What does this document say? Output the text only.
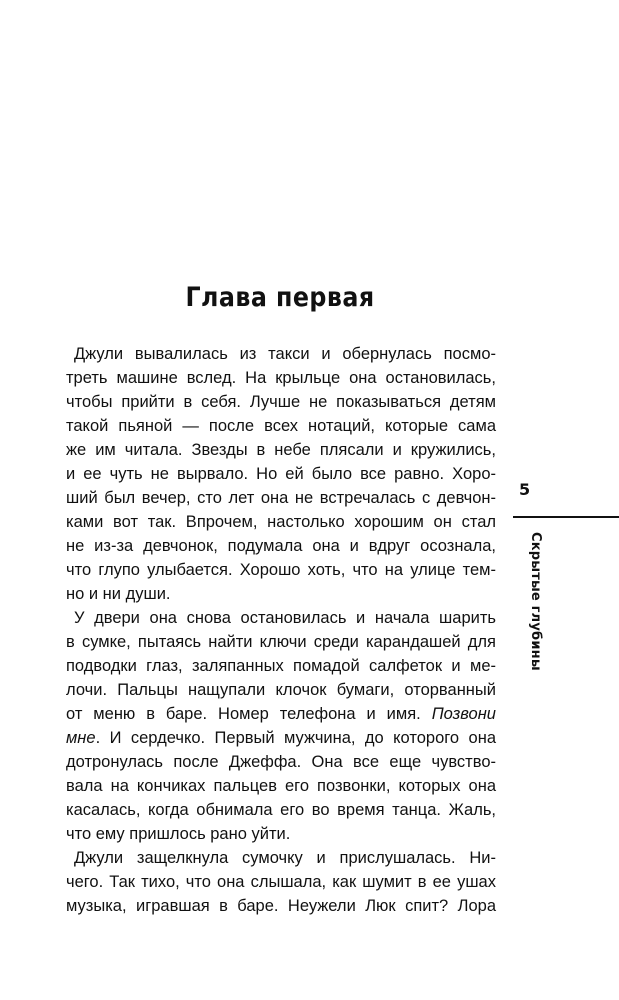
Глава первая
Джули вывалилась из такси и обернулась посмо-
треть машине вслед. На крыльце она остановилась,
чтобы прийти в себя. Лучше не показываться детям
такой пьяной — после всех нотаций, которые сама
же им читала. Звезды в небе плясали и кружились,
и ее чуть не вырвало. Но ей было все равно. Хоро-
ший был вечер, сто лет она не встречалась с девчон-
ками вот так. Впрочем, настолько хорошим он стал
не из-за девчонок, подумала она и вдруг осознала,
что глупо улыбается. Хорошо хоть, что на улице тем-
но и ни души.
У двери она снова остановилась и начала шарить
в сумке, пытаясь найти ключи среди карандашей для
подводки глаз, заляпанных помадой салфеток и ме-
лочи. Пальцы нащупали клочок бумаги, оторванный
от меню в баре. Номер телефона и имя. Позвони
мне. И сердечко. Первый мужчина, до которого она
дотронулась после Джеффа. Она все еще чувство-
вала на кончиках пальцев его позвонки, которых она
касалась, когда обнимала его во время танца. Жаль,
что ему пришлось рано уйти.
Джули защелкнула сумочку и прислушалась. Ни-
чего. Так тихо, что она слышала, как шумит в ее ушах
музыка, игравшая в баре. Неужели Люк спит? Лора
5
Скрытые глубины
